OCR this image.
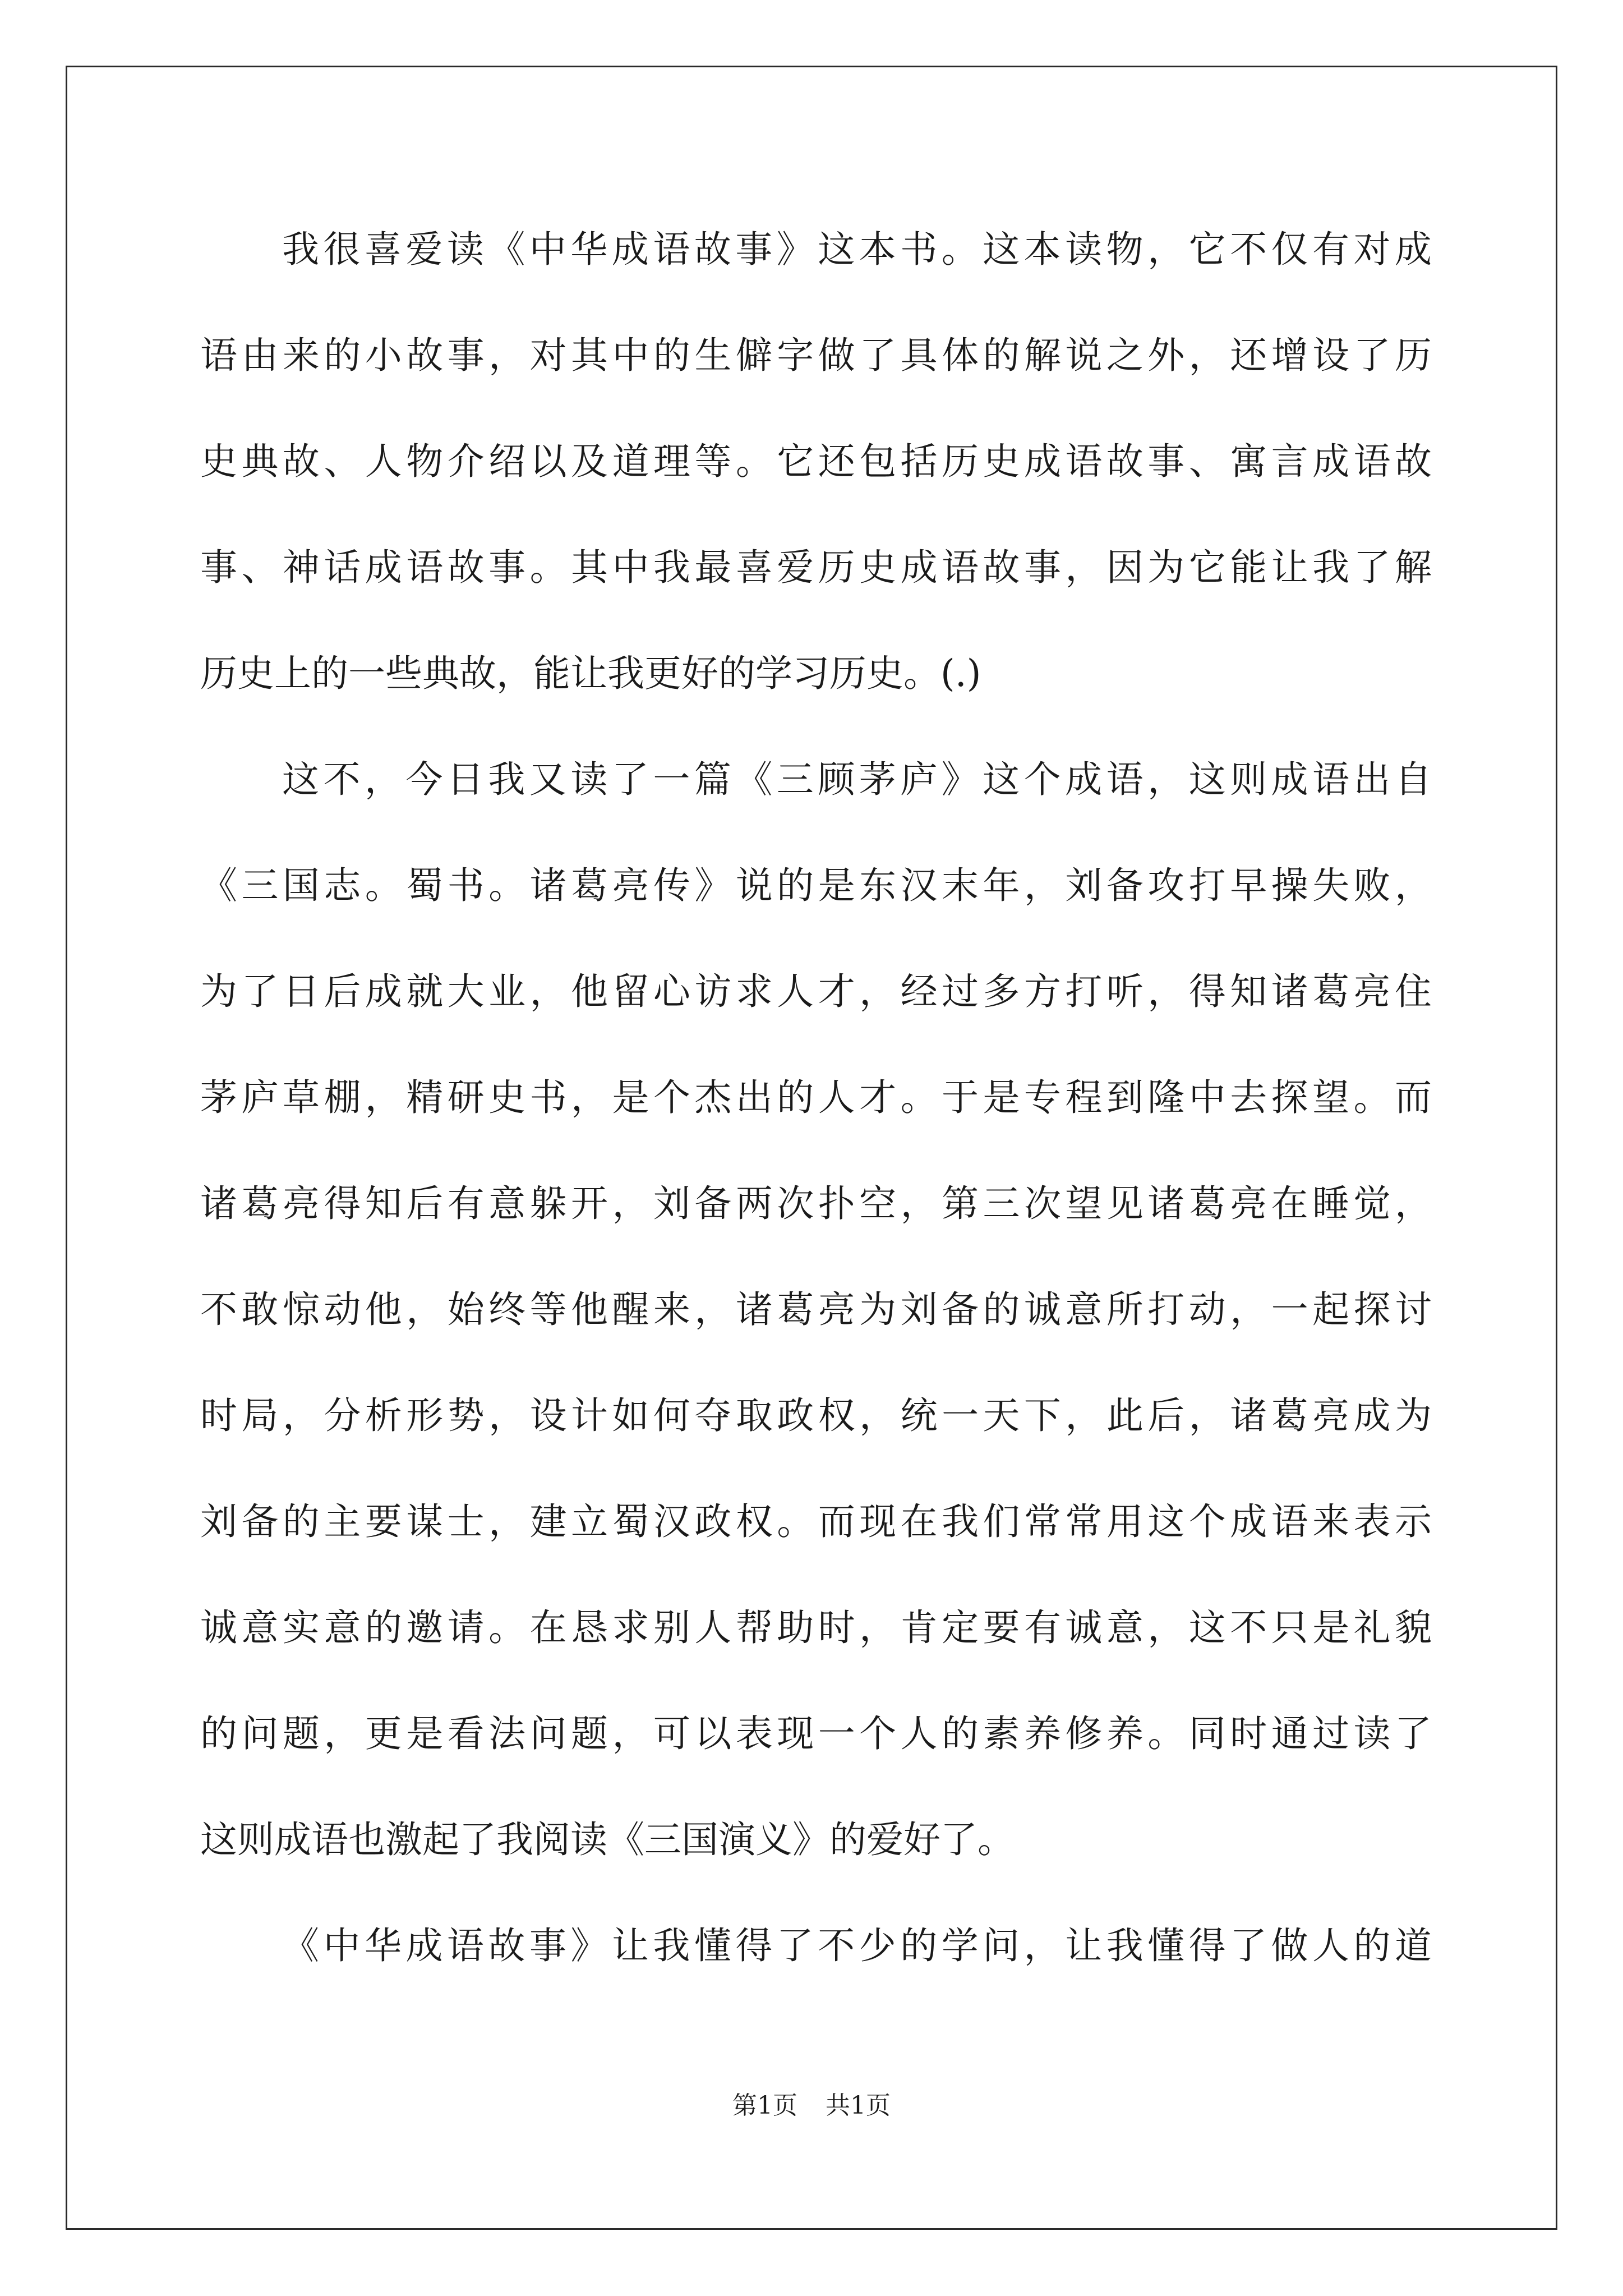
我很喜爱读《中华成语故事》这本书。这本读物，它不仅有对成
语由来的小故事，对其中的生僻字做了具体的解说之外，还增设了历
史典故、人物介绍以及道理等。它还包括历史成语故事、寓言成语故
事、神话成语故事。其中我最喜爱历史成语故事，因为它能让我了解
历史上的一些典故，能让我更好的学习历史。(.)
这不，今日我又读了一篇《三顾茅庐》这个成语，这则成语出自
《三国志。蜀书。诸葛亮传》说的是东汉末年，刘备攻打早操失败，
为了日后成就大业，他留心访求人才，经过多方打听，得知诸葛亮住
茅庐草棚，精研史书，是个杰出的人才。于是专程到隆中去探望。而
诸葛亮得知后有意躲开，刘备两次扑空，第三次望见诸葛亮在睡觉，
不敢惊动他，始终等他醒来，诸葛亮为刘备的诚意所打动，一起探讨
时局，分析形势，设计如何夺取政权，统一天下，此后，诸葛亮成为
刘备的主要谋士，建立蜀汉政权。而现在我们常常用这个成语来表示
诚意实意的邀请。在恳求别人帮助时，肯定要有诚意，这不只是礼貌
的问题，更是看法问题，可以表现一个人的素养修养。同时通过读了
这则成语也激起了我阅读《三国演义》的爱好了。
《中华成语故事》让我懂得了不少的学问，让我懂得了做人的道
第1页 共1页
